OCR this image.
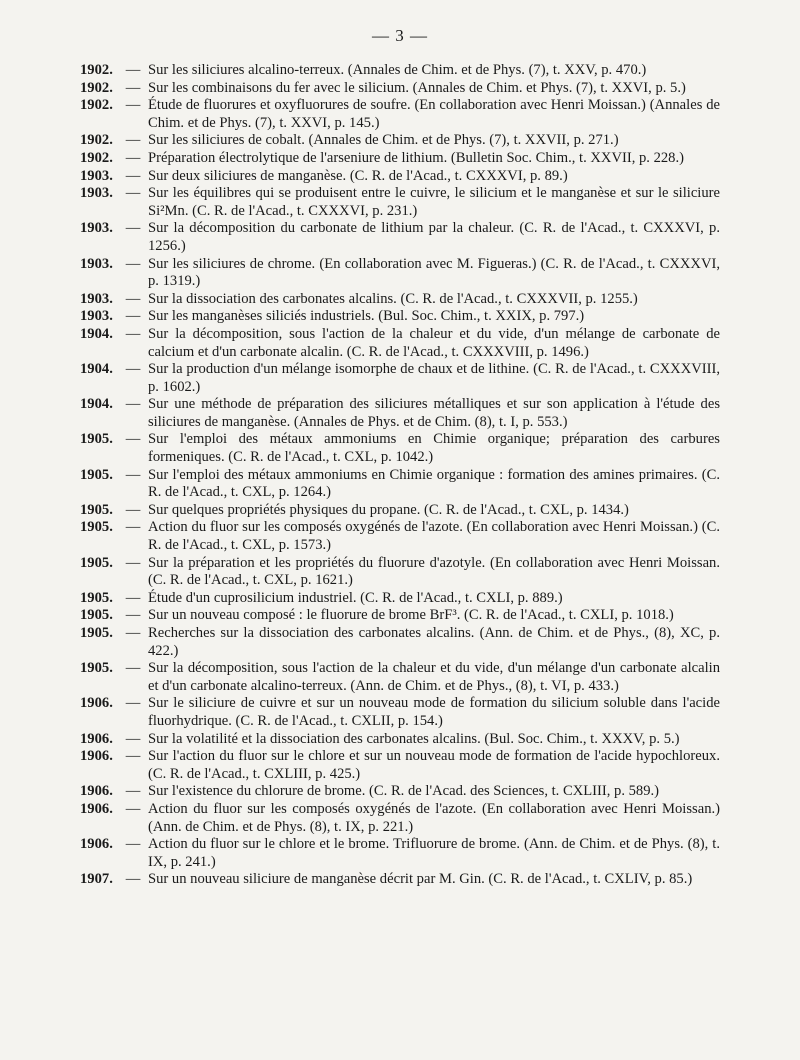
— 3 —
1902. — Sur les siliciures alcalino-terreux. (Annales de Chim. et de Phys. (7), t. XXV, p. 470.)
1902. — Sur les combinaisons du fer avec le silicium. (Annales de Chim. et Phys. (7), t. XXVI, p. 5.)
1902. — Étude de fluorures et oxyfluorures de soufre. (En collaboration avec Henri Moissan.) (Annales de Chim. et de Phys. (7), t. XXVI, p. 145.)
1902. — Sur les siliciures de cobalt. (Annales de Chim. et de Phys. (7), t. XXVII, p. 271.)
1902. — Préparation électrolytique de l'arseniure de lithium. (Bulletin Soc. Chim., t. XXVII, p. 228.)
1903. — Sur deux siliciures de manganèse. (C. R. de l'Acad., t. CXXXVI, p. 89.)
1903. — Sur les équilibres qui se produisent entre le cuivre, le silicium et le manganèse et sur le siliciure Si²Mn. (C. R. de l'Acad., t. CXXXVI, p. 231.)
1903. — Sur la décomposition du carbonate de lithium par la chaleur. (C. R. de l'Acad., t. CXXXVI, p. 1256.)
1903. — Sur les siliciures de chrome. (En collaboration avec M. Figueras.) (C. R. de l'Acad., t. CXXXVI, p. 1319.)
1903. — Sur la dissociation des carbonates alcalins. (C. R. de l'Acad., t. CXXXVII, p. 1255.)
1903. — Sur les manganèses siliciés industriels. (Bul. Soc. Chim., t. XXIX, p. 797.)
1904. — Sur la décomposition, sous l'action de la chaleur et du vide, d'un mélange de carbonate de calcium et d'un carbonate alcalin. (C. R. de l'Acad., t. CXXXVIII, p. 1496.)
1904. — Sur la production d'un mélange isomorphe de chaux et de lithine. (C. R. de l'Acad., t. CXXXVIII, p. 1602.)
1904. — Sur une méthode de préparation des siliciures métalliques et sur son application à l'étude des siliciures de manganèse. (Annales de Phys. et de Chim. (8), t. I, p. 553.)
1905. — Sur l'emploi des métaux ammoniums en Chimie organique; préparation des carbures formeniques. (C. R. de l'Acad., t. CXL, p. 1042.)
1905. — Sur l'emploi des métaux ammoniums en Chimie organique : formation des amines primaires. (C. R. de l'Acad., t. CXL, p. 1264.)
1905. — Sur quelques propriétés physiques du propane. (C. R. de l'Acad., t. CXL, p. 1434.)
1905. — Action du fluor sur les composés oxygénés de l'azote. (En collaboration avec Henri Moissan.) (C. R. de l'Acad., t. CXL, p. 1573.)
1905. — Sur la préparation et les propriétés du fluorure d'azotyle. (En collaboration avec Henri Moissan. (C. R. de l'Acad., t. CXL, p. 1621.)
1905. — Étude d'un cuprosilicium industriel. (C. R. de l'Acad., t. CXLI, p. 889.)
1905. — Sur un nouveau composé : le fluorure de brome BrF³. (C. R. de l'Acad., t. CXLI, p. 1018.)
1905. — Recherches sur la dissociation des carbonates alcalins. (Ann. de Chim. et de Phys., (8), XC, p. 422.)
1905. — Sur la décomposition, sous l'action de la chaleur et du vide, d'un mélange d'un carbonate alcalin et d'un carbonate alcalino-terreux. (Ann. de Chim. et de Phys., (8), t. VI, p. 433.)
1906. — Sur le siliciure de cuivre et sur un nouveau mode de formation du silicium soluble dans l'acide fluorhydrique. (C. R. de l'Acad., t. CXLII, p. 154.)
1906. — Sur la volatilité et la dissociation des carbonates alcalins. (Bul. Soc. Chim., t. XXXV, p. 5.)
1906. — Sur l'action du fluor sur le chlore et sur un nouveau mode de formation de l'acide hypochloreux. (C. R. de l'Acad., t. CXLIII, p. 425.)
1906. — Sur l'existence du chlorure de brome. (C. R. de l'Acad. des Sciences, t. CXLIII, p. 589.)
1906. — Action du fluor sur les composés oxygénés de l'azote. (En collaboration avec Henri Moissan.) (Ann. de Chim. et de Phys. (8), t. IX, p. 221.)
1906. — Action du fluor sur le chlore et le brome. Trifluorure de brome. (Ann. de Chim. et de Phys. (8), t. IX, p. 241.)
1907. — Sur un nouveau siliciure de manganèse décrit par M. Gin. (C. R. de l'Acad., t. CXLIV, p. 85.)
